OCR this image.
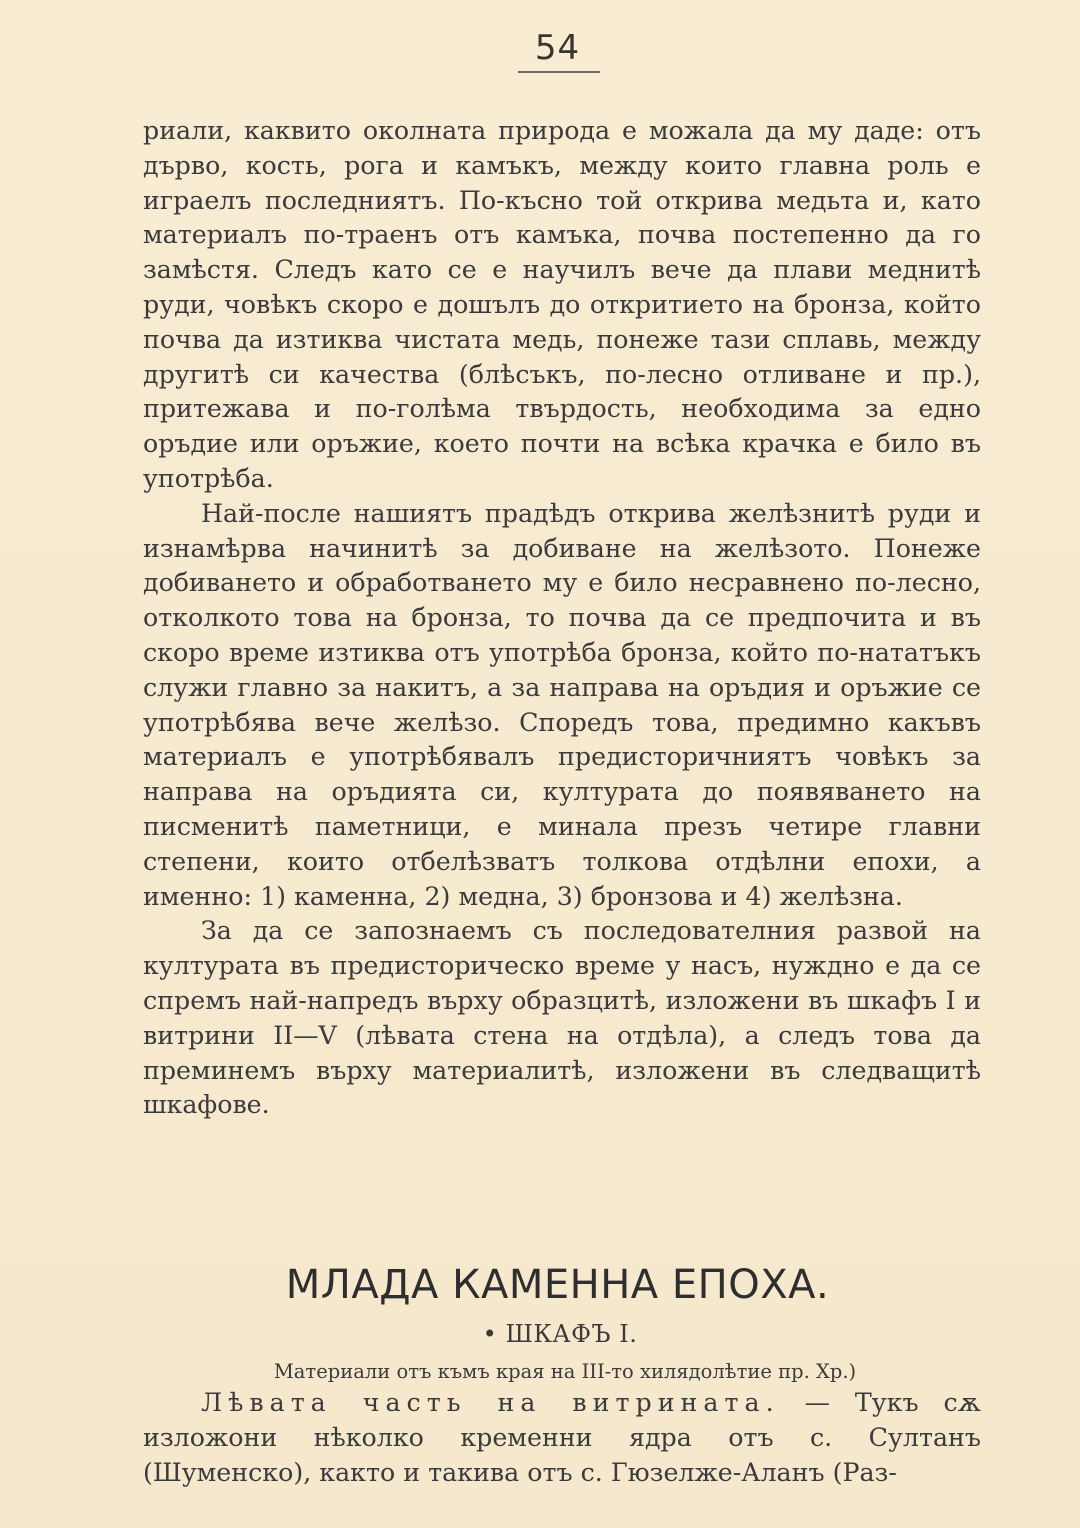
54

риали, каквито околната природа е можала да му даде: отъ дърво, кость, рога и камъкъ, между които главна роль е играелъ последниятъ. По-късно той открива медьта и, като материалъ по-траенъ отъ камъка, почва постепенно да го замѣстя. Следъ като се е научилъ вече да плави меднитѣ руди, човѣкъ скоро е дошълъ до откритието на бронза, който почва да изтиква чистата медь, понеже тази сплавь, между другитѣ си качества (блѣсъкъ, по-лесно отливане и пр.), притежава и по-голѣма твърдость, необходима за едно оръдие или оръжие, което почти на всѣка крачка е било въ употрѣба.

Най-после нашиятъ прадѣдъ открива желѣзнитѣ руди и изнамѣрва начинитѣ за добиване на желѣзото. Понеже добиването и обработването му е било несравнено по-лесно, отколкото това на бронза, то почва да се предпочита и въ скоро време изтиква отъ употрѣба бронза, който по-нататъкъ служи главно за накитъ, а за направа на оръдия и оръжие се употрѣбява вече желѣзо. Споредъ това, предимно какъвъ материалъ е употрѣбявалъ предисторичниятъ човѣкъ за направа на оръдията си, културата до появяването на писменитѣ паметници, е минала презъ четире главни степени, които отбелѣзватъ толкова отдѣлни епохи, а именно: 1) каменна, 2) медна, 3) бронзова и 4) желѣзна.

За да се запознаемъ съ последователния развой на културата въ предисторическо време у насъ, нуждно е да се спремъ най-напредъ върху образцитѣ, изложени въ шкафъ I и витрини II—V (лѣвата стена на отдѣла), а следъ това да преминемъ върху материалитѣ, изложени въ следващитѣ шкафове.

МЛАДА КАМЕННА ЕПОХА.
• ШКАФЪ I.
Материали отъ къмъ края на III-то хилядолѣтие пр. Хр.)

Лѣвата часть на витрината. — Тукъ сѫ изложони нѣколко кременни ядра отъ с. Султанъ (Шуменско), както и такива отъ с. Гюзелже-Аланъ (Раз-
